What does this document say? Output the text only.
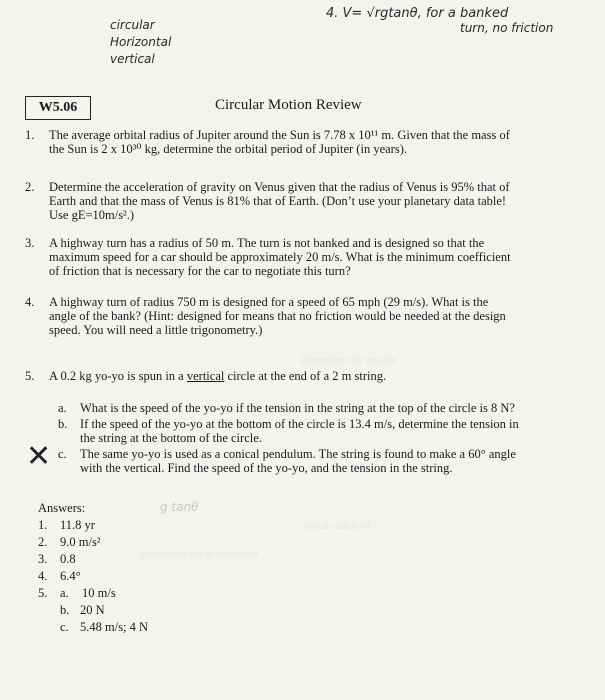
Determine the tension
orbital radius of
Determine the acceleration
circular
Horizontal
vertical
4. V= √rgtanθ, for a banked
turn, no friction
g tanθ
W5.06	Circular Motion Review
1. The average orbital radius of Jupiter around the Sun is 7.78 x 10¹¹ m. Given that the mass of
the Sun is 2 x 10³⁰ kg, determine the orbital period of Jupiter (in years).
2. Determine the acceleration of gravity on Venus given that the radius of Venus is 95% that of
Earth and that the mass of Venus is 81% that of Earth. (Don’t use your planetary data table!
Use gE=10m/s².)
3. A highway turn has a radius of 50 m. The turn is not banked and is designed so that the
maximum speed for a car should be approximately 20 m/s. What is the minimum coefficient
of friction that is necessary for the car to negotiate this turn?
4. A highway turn of radius 750 m is designed for a speed of 65 mph (29 m/s). What is the
angle of the bank? (Hint: designed for means that no friction would be needed at the design
speed. You will need a little trigonometry.)
5. A 0.2 kg yo-yo is spun in a vertical circle at the end of a 2 m string.
a. What is the speed of the yo-yo if the tension in the string at the top of the circle is 8 N?
b. If the speed of the yo-yo at the bottom of the circle is 13.4 m/s, determine the tension in
the string at the bottom of the circle.
c. The same yo-yo is used as a conical pendulum. The string is found to make a 60° angle
with the vertical. Find the speed of the yo-yo, and the tension in the string.
✕
Answers:
1. 11.8 yr
2. 9.0 m/s²
3. 0.8
4. 6.4°
5. a. 10 m/s
b. 20 N
c. 5.48 m/s; 4 N
